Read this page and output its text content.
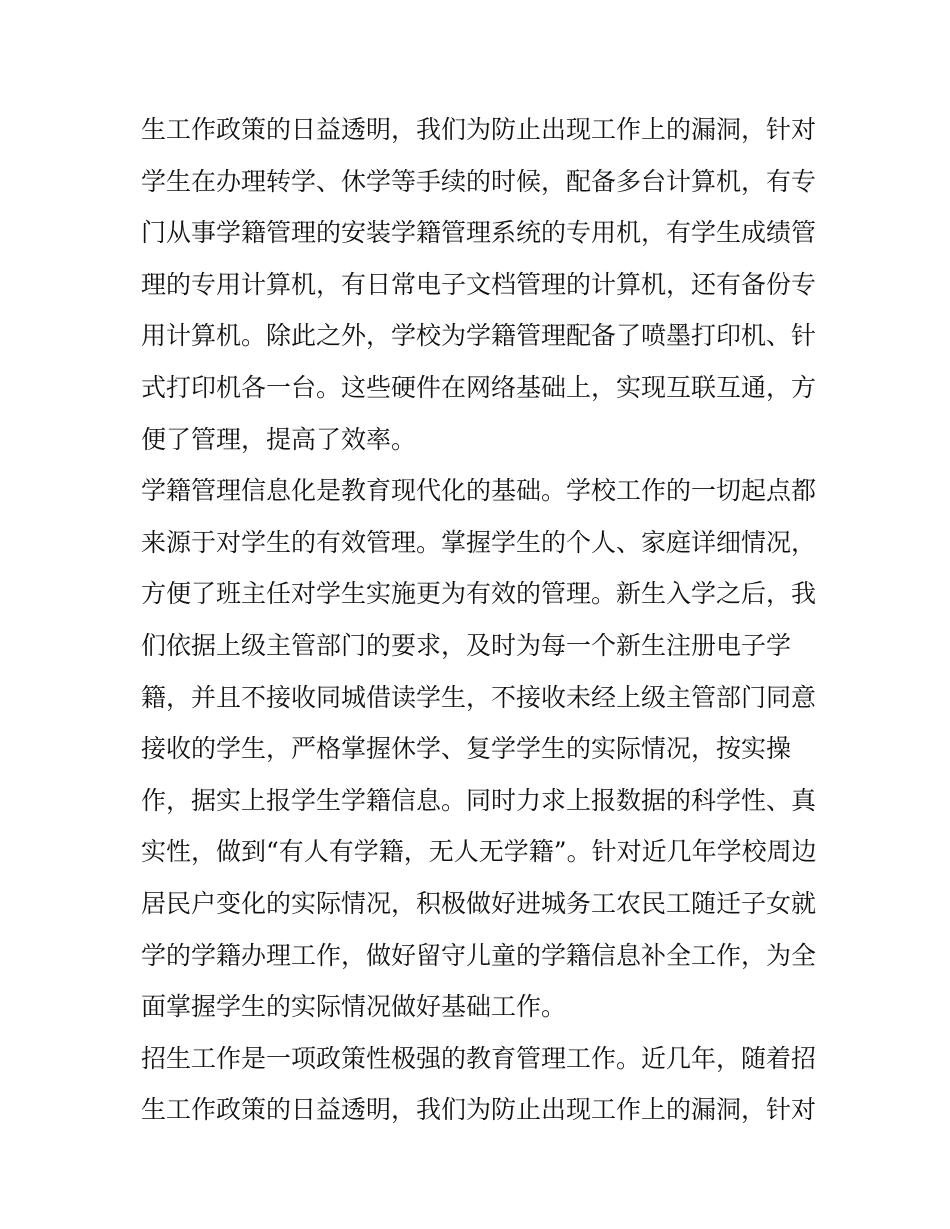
生工作政策的日益透明，我们为防止出现工作上的漏洞，针对
学生在办理转学、休学等手续的时候，配备多台计算机，有专
门从事学籍管理的安装学籍管理系统的专用机，有学生成绩管
理的专用计算机，有日常电子文档管理的计算机，还有备份专
用计算机。除此之外，学校为学籍管理配备了喷墨打印机、针
式打印机各一台。这些硬件在网络基础上，实现互联互通，方
便了管理，提高了效率。
学籍管理信息化是教育现代化的基础。学校工作的一切起点都
来源于对学生的有效管理。掌握学生的个人、家庭详细情况，
方便了班主任对学生实施更为有效的管理。新生入学之后，我
们依据上级主管部门的要求，及时为每一个新生注册电子学
籍，并且不接收同城借读学生，不接收未经上级主管部门同意
接收的学生，严格掌握休学、复学学生的实际情况，按实操
作，据实上报学生学籍信息。同时力求上报数据的科学性、真
实性，做到“有人有学籍，无人无学籍”。针对近几年学校周边
居民户变化的实际情况，积极做好进城务工农民工随迁子女就
学的学籍办理工作，做好留守儿童的学籍信息补全工作，为全
面掌握学生的实际情况做好基础工作。
招生工作是一项政策性极强的教育管理工作。近几年，随着招
生工作政策的日益透明，我们为防止出现工作上的漏洞，针对
